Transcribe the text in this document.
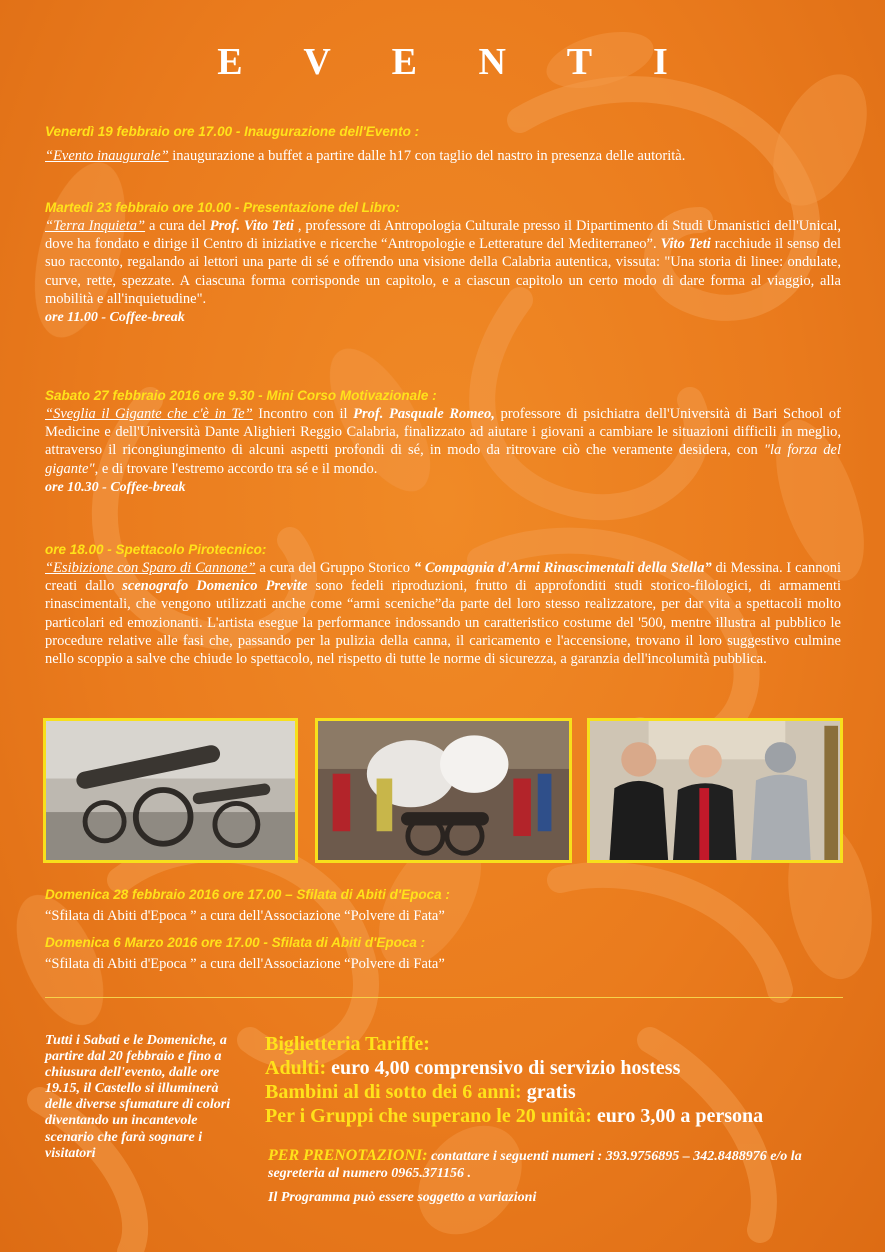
E V E N T I

Venerdì 19 febbraio ore 17.00 - Inaugurazione dell'Evento :

“Evento inaugurale” inaugurazione a buffet a partire dalle h17 con taglio del nastro in presenza delle autorità.

Martedì 23 febbraio ore 10.00 - Presentazione del Libro:

“Terra Inquieta” a cura del Prof. Vito Teti , professore di Antropologia Culturale presso il Dipartimento di Studi Umanistici dell'Unical, dove ha fondato e dirige il Centro di iniziative e ricerche “Antropologie e Letterature del Mediterraneo”. Vito Teti racchiude il senso del suo racconto, regalando ai lettori una parte di sé e offrendo una visione della Calabria autentica, vissuta: "Una storia di linee: ondulate, curve, rette, spezzate. A ciascuna forma corrisponde un capitolo, e a ciascun capitolo un certo modo di dare forma al viaggio, alla mobilità e all'inquietudine".

ore 11.00 - Coffee-break

Sabato 27 febbraio 2016 ore 9.30 - Mini Corso Motivazionale :

“Sveglia il Gigante che c'è in Te” Incontro con il Prof. Pasquale Romeo, professore di psichiatra dell'Università di Bari School of Medicine e dell'Università Dante Alighieri Reggio Calabria, finalizzato ad aiutare i giovani a cambiare le situazioni difficili in meglio, attraverso il ricongiungimento di alcuni aspetti profondi di sé, in modo da ritrovare ciò che veramente desidera, con "la forza del gigante", e di trovare l'estremo accordo tra sé e il mondo.

ore 10.30 - Coffee-break

ore 18.00 - Spettacolo Pirotecnico:

“Esibizione con Sparo di Cannone” a cura del Gruppo Storico “ Compagnia d'Armi Rinascimentali della Stella” di Messina. I cannoni creati dallo scenografo Domenico Previte sono fedeli riproduzioni, frutto di approfonditi studi storico-filologici, di armamenti rinascimentali, che vengono utilizzati anche come “armi sceniche”da parte del loro stesso realizzatore, per dar vita a spettacoli molto particolari ed emozionanti. L'artista esegue la performance indossando un caratteristico costume del '500, mentre illustra al pubblico le procedure relative alle fasi che, passando per la pulizia della canna, il caricamento e l'accensione, trovano il loro suggestivo culmine nello scoppio a salve che chiude lo spettacolo, nel rispetto di tutte le norme di sicurezza, a garanzia dell'incolumità pubblica.

Domenica 28 febbraio 2016 ore 17.00 – Sfilata di Abiti d'Epoca :

“Sfilata di Abiti d'Epoca ” a cura dell'Associazione “Polvere di Fata”

Domenica 6 Marzo 2016 ore 17.00 - Sfilata di Abiti d'Epoca :

“Sfilata di Abiti d'Epoca ” a cura dell'Associazione “Polvere di Fata”

Tutti i Sabati e le Domeniche, a partire dal 20 febbraio e fino a chiusura dell'evento, dalle ore 19.15, il Castello si illuminerà delle diverse sfumature di colori diventando un incantevole scenario che farà sognare i visitatori

Biglietteria Tariffe:
Adulti: euro 4,00 comprensivo di servizio hostess
Bambini al di sotto dei 6 anni: gratis
Per i Gruppi che superano le 20 unità: euro 3,00 a persona
PER PRENOTAZIONI: contattare i seguenti numeri : 393.9756895 – 342.8488976 e/o la segreteria al numero 0965.371156 .
Il Programma può essere soggetto a variazioni
